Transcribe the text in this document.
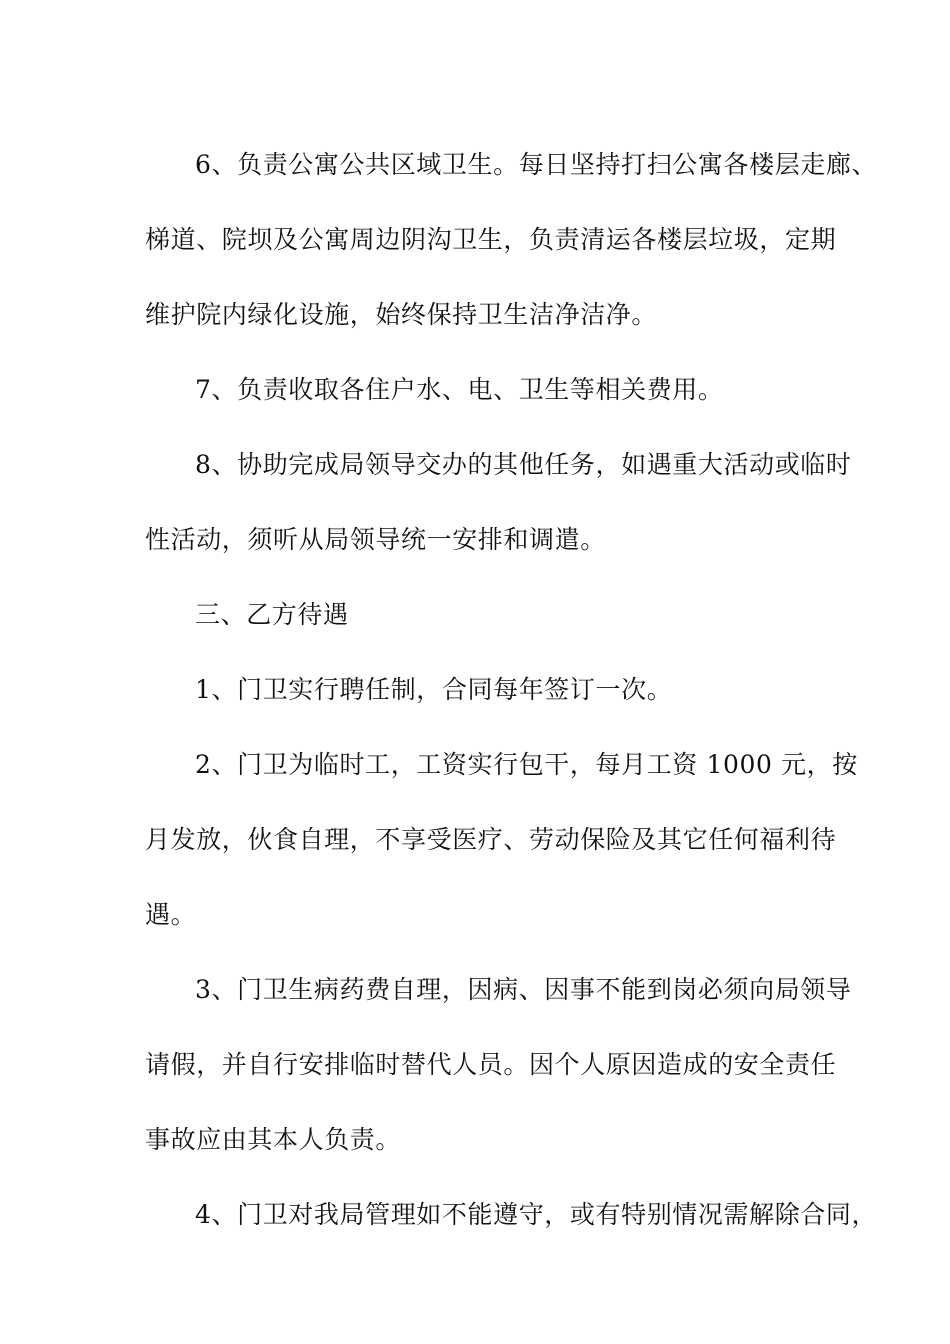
6、负责公寓公共区域卫生。每日坚持打扫公寓各楼层走廊、
梯道、院坝及公寓周边阴沟卫生，负责清运各楼层垃圾，定期
维护院内绿化设施，始终保持卫生洁净洁净。

7、负责收取各住户水、电、卫生等相关费用。

8、协助完成局领导交办的其他任务，如遇重大活动或临时
性活动，须听从局领导统一安排和调遣。

三、乙方待遇

1、门卫实行聘任制，合同每年签订一次。

2、门卫为临时工，工资实行包干，每月工资 1000 元，按
月发放，伙食自理，不享受医疗、劳动保险及其它任何福利待
遇。

3、门卫生病药费自理，因病、因事不能到岗必须向局领导
请假，并自行安排临时替代人员。因个人原因造成的安全责任
事故应由其本人负责。

4、门卫对我局管理如不能遵守，或有特别情况需解除合同，
